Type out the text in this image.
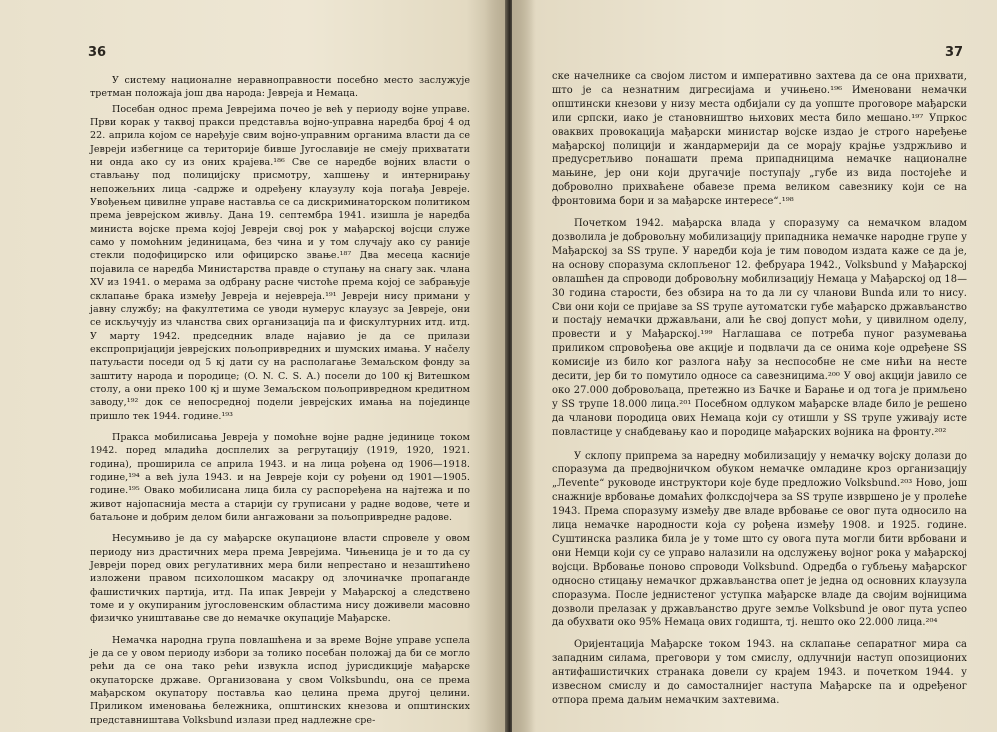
36

У систему националне неравноправности посебно место заслужује третман положаја још два народа: Јевреја и Немаца.

Посебан однос према Јеврејима почео је већ у периоду војне управе. Први корак у таквој пракси представља војно-управна наредба број 4 од 22. априла којом се наређује свим војно-управним органима власти да се Јевреји избегнице са територије бивше Југославије не смеју прихватати ни онда ако су из оних крајева.¹⁸⁶ Све се наредбе војних власти о стављању под полицијску присмотру, хапшењу и интернирању непожељних лица ‑садрже и одређену клаузулу која погађа Јевреје. Увођењем цивилне управе наставља се са дискриминаторском политиком према јеврејском живљу. Дана 19. септембра 1941. изишла је наредба министа војске према којој Јевреји свој рок у мађарској војсци служе само у помоћним јединицама, без чина и у том случају ако су раније стекли подофицирско или официрско звање.¹⁸⁷ Два месеца касније појавила се наредба Министарства правде о ступању на снагу зак. члана XV из 1941. о мерама за одбрану расне чистоће према којој се забрањује склапање брака између Јевреја и нејевреја.¹⁹¹ Јевреји нису примани у јавну службу; на факултетима се уводи нумерус клаузус за Јевреје, они се искључују из чланства свих организација па и фискултурних итд. итд. У марту 1942. председник владе најавио је да се прилази експропријацији јеврејских пољопривредних и шумских имања. У наčелу патуљасти поседи од 5 кј дати су на располагање Земаљском фонду за заштиту народа и породице; (O. N. C. S. A.) посели до 100 кј Витешком столу, а они преко 100 кј и шуме Земаљском пољопривредном кредитном заводу,¹⁹² док се непосредној подели јеврејских имања на појединце пришло тек 1944. године.¹⁹³

Пракса мобилисања Јевреја у помоћне војне радне јединице током 1942. поред младића досплелих за регрутацију (1919, 1920, 1921. година), проширила се априла 1943. и на лица рођена од 1906—1918. године,¹⁹⁴ а већ јула 1943. и на Јевреје који су рођени од 1901—1905. године.¹⁹⁵ Овако мобилисана лица била су распоређена на најтежа и по живот најопаснија места а старији су груписани у радне водове, чете и батаљоне и добрим делом били ангажовани за пољопривредне радове.

Несумњиво је да су мађарске окупационе власти спровеле у овом периоду низ драстичних мера према Јеврејима. Чињеница је и то да су Јевреји поред ових регулативних мера били непрестано и незаштићено изложени правом психолошком масакру од злочиначке пропаганде фашистичких партија, итд. Па ипак Јевреји у Мађарској а следствено томе и у окупираним југословенским областима нису доживели масовно физичко уништавање све до немачке окупације Мађарске.

Немачка народна група повлашћена и за време Војне управе успела је да се у овом периоду избори за толико посебан положај да би се могло рећи да се она тако рећи извукла испод јурисдикције мађарске окупаторске државе. Организована у свом Volksbundu, она се према мађарском окупатору поставља као целина према другој целини. Приликом именовања бележника, општинских кнезова и општинских представништава Volksbund излази пред надлежне сре-

37

ске начелнике са својом листом и императивно захтева да се она прихвати, што је са незнатним дигресијама и учињено.¹⁹⁶ Именовани немачки општински кнезови у низу места одбијали су да уопште проговоре мађарски или српски, иако је становништво њихових места било мешано.¹⁹⁷ Упркос оваквих провокација мађарски министар војске издао је строго наређење мађарској полицији и жандармерији да се морају крајње уздржљиво и предусретљиво понашати према припадницима немачке националне мањине, јер они који другачије поступају „губе из вида постојеће и доброволно прихваћене обавезе према великом савезнику који се на фронтовима бори и за мађарске интересе“.¹⁹⁸

Почетком 1942. мађарска влада у споразуму са немачком владом дозволила је добровољну мобилизацију припадника немачке народне групе у Мађарској за SS трупе. У наредби која је тим поводом издата каже се да је, на основу споразума склопљеног 12. фебруара 1942., Volksbund у Мађарској овлашћен да спроводи добровољну мобилизацију Немаца у Мађарској од 18—30 година старости, без обзира на то да ли су чланови Bunda или то нису. Сви они који се пријаве за SS трупе аутоматски губе мађарско држављанство и постају немачки држављани, али ће свој допуст моћи, у цивилном оделу, провести и у Мађарској.¹⁹⁹ Наглашава се потреба пуног разумевања приликом спровођења ове акције и подвлачи да се онима које одређене SS комисије из било ког разлога нађу за неспособне не сме нићи на несте десити, јер би то помутило односе са савезницима.²⁰⁰ У овој акцији јавило се око 27.000 добровољаца, претежно из Бачке и Барање и од тога је примљено у SS трупе 18.000 лица.²⁰¹ Посебном одлуком мађарске владе било је решено да чланови породица ових Немаца који су отишли у SS трупе уживају исте повластице у снабдевању као и породице мађарских војника на фронту.²⁰²

У склопу припрема за наредну мобилизацију у немачку војску долази до споразума да предвојничком обуком немачке омладине кроз организацију „Леventе“ руководе инструктори које буде предложио Volksbund.²⁰³ Ново, још снажније врбовање домаћих фолксдојчера за SS трупе извршено је у пролеће 1943. Према споразуму између две владе врбовање се овог пута односило на лица немачке народности која су рођена између 1908. и 1925. године. Суштинска разлика била је у томе што су овога пута могли бити врбовани и они Немци који су се управо налазили на одслужењу војног рока у мађарској војсци. Врбовање поново спроводи Volksbund. Одредба о губљењу мађарског односно стицању немачког држављанства опет је једна од основних клаузула споразума. После једнистеног уступка мађарске владе да својим војницима дозволи прелазак у држављанство друге земље Volksbund је овог пута успео да обухвати око 95% Немаца ових годишта, тј. нешто око 22.000 лица.²⁰⁴

Оријентација Мађарске током 1943. на склапање сепаратног мира са западним силама, преговори у том смислу, одлучнији наступ опозиционих антифашистичких странака довели су крајем 1943. и почетком 1944. у извесном смислу и до самосталнијег наступа Мађарске па и одређеног отпора према даљим немачким захтевима.
